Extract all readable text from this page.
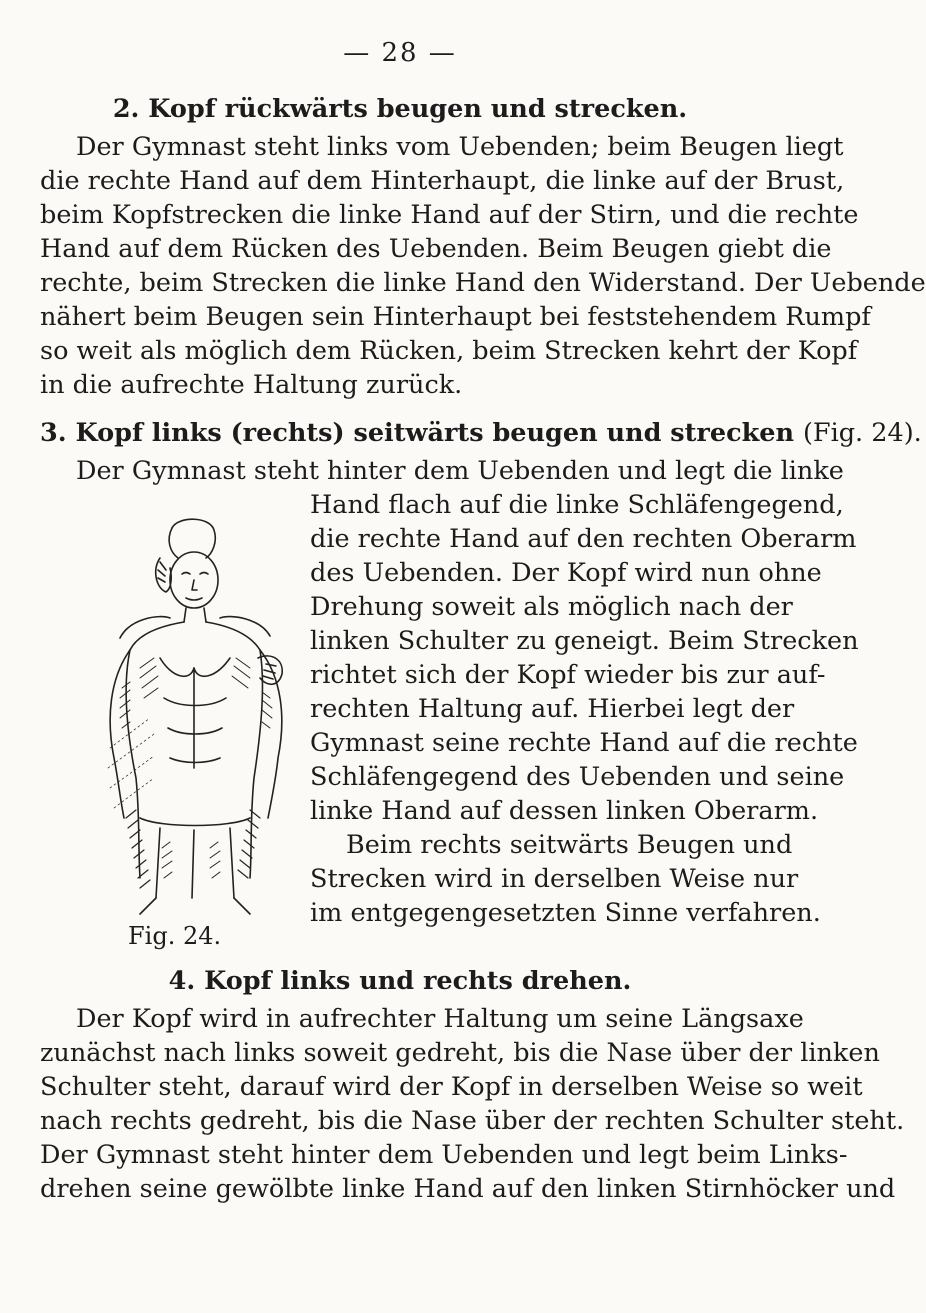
— 28 —
2. Kopf rückwärts beugen und strecken.
Der Gymnast steht links vom Uebenden; beim Beugen liegt
die rechte Hand auf dem Hinterhaupt, die linke auf der Brust,
beim Kopfstrecken die linke Hand auf der Stirn, und die rechte
Hand auf dem Rücken des Uebenden. Beim Beugen giebt die
rechte, beim Strecken die linke Hand den Widerstand. Der Uebende
nähert beim Beugen sein Hinterhaupt bei feststehendem Rumpf
so weit als möglich dem Rücken, beim Strecken kehrt der Kopf
in die aufrechte Haltung zurück.
3. Kopf links (rechts) seitwärts beugen und strecken (Fig. 24).
Der Gymnast steht hinter dem Uebenden und legt die linke
Hand flach auf die linke Schläfengegend,
die rechte Hand auf den rechten Oberarm
des Uebenden. Der Kopf wird nun ohne
Drehung soweit als möglich nach der
linken Schulter zu geneigt. Beim Strecken
richtet sich der Kopf wieder bis zur auf-
rechten Haltung auf. Hierbei legt der
Gymnast seine rechte Hand auf die rechte
Schläfengegend des Uebenden und seine
linke Hand auf dessen linken Oberarm.
Beim rechts seitwärts Beugen und
Strecken wird in derselben Weise nur
im entgegengesetzten Sinne verfahren.
Fig. 24.
4. Kopf links und rechts drehen.
Der Kopf wird in aufrechter Haltung um seine Längsaxe
zunächst nach links soweit gedreht, bis die Nase über der linken
Schulter steht, darauf wird der Kopf in derselben Weise so weit
nach rechts gedreht, bis die Nase über der rechten Schulter steht.
Der Gymnast steht hinter dem Uebenden und legt beim Links-
drehen seine gewölbte linke Hand auf den linken Stirnhöcker und
